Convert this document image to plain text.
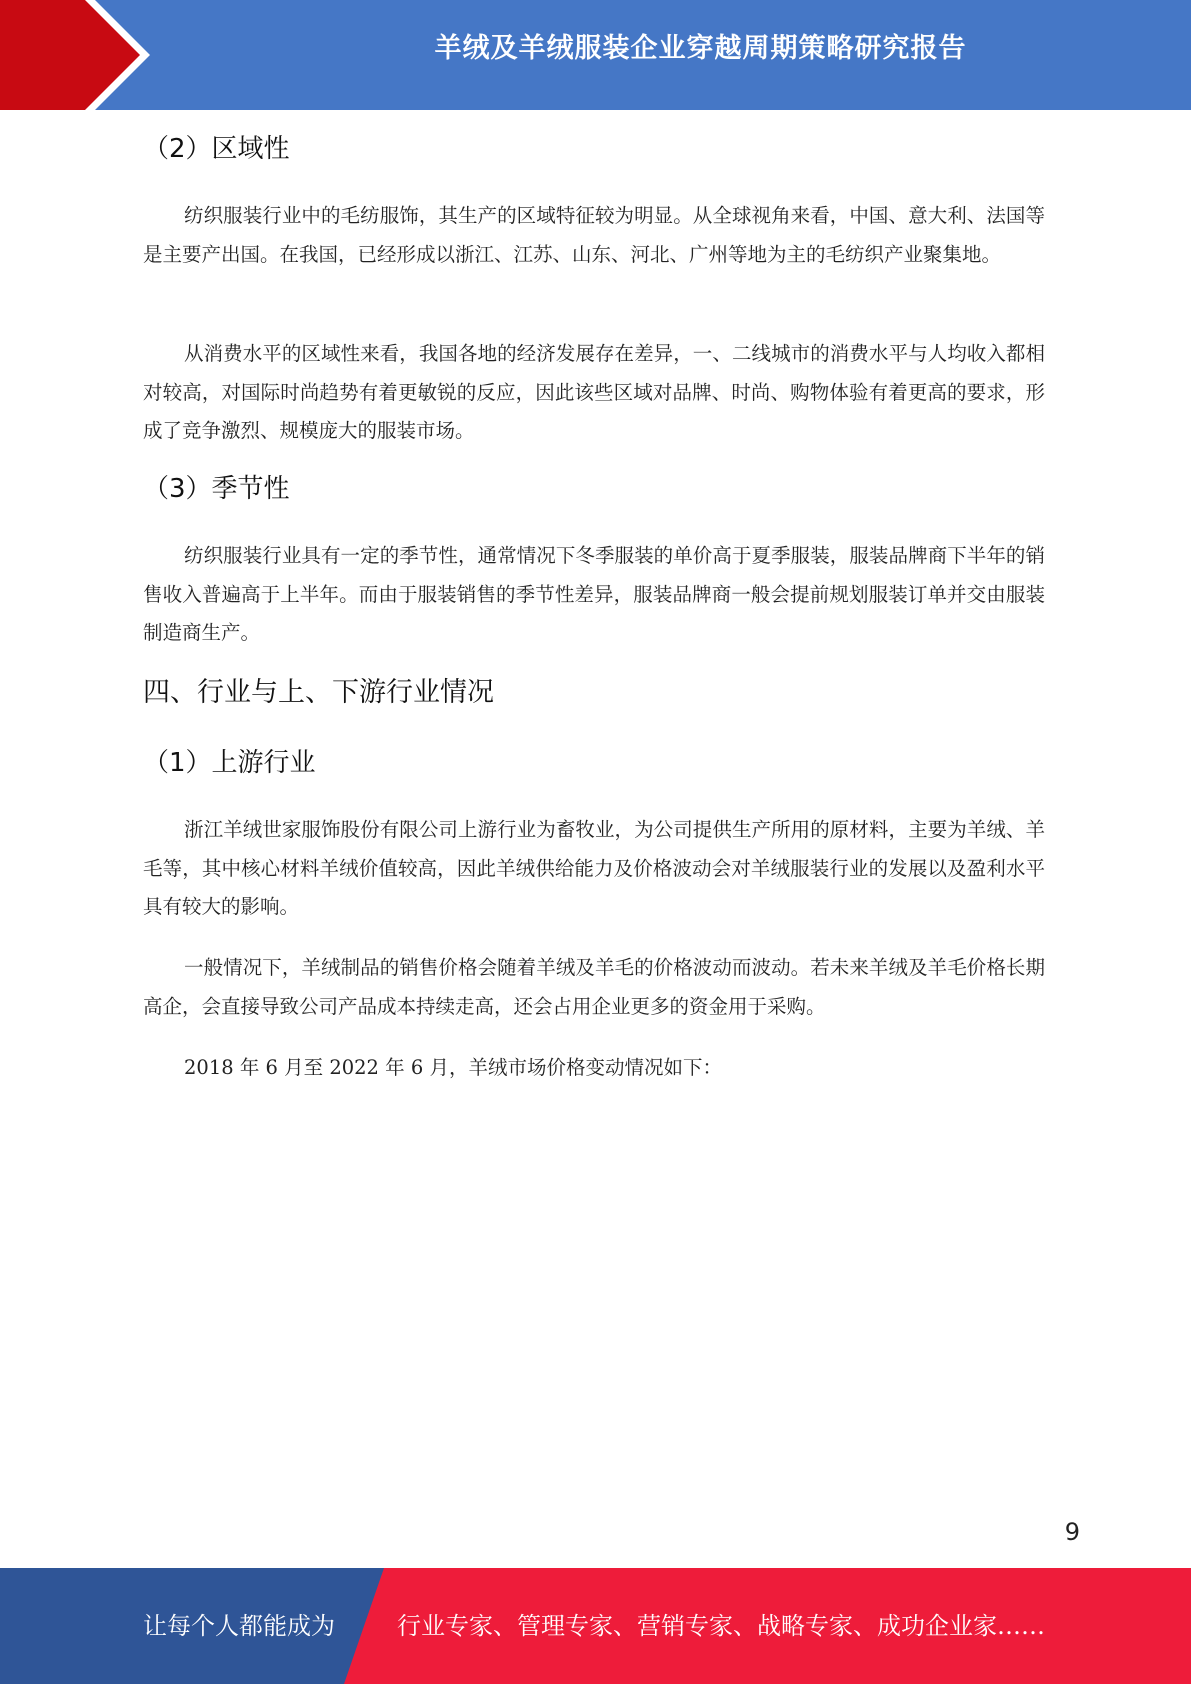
羊绒及羊绒服装企业穿越周期策略研究报告
（2）区域性
纺织服装行业中的毛纺服饰，其生产的区域特征较为明显。从全球视角来看，中国、意大利、法国等是主要产出国。在我国，已经形成以浙江、江苏、山东、河北、广州等地为主的毛纺织产业聚集地。
从消费水平的区域性来看，我国各地的经济发展存在差异，一、二线城市的消费水平与人均收入都相对较高，对国际时尚趋势有着更敏锐的反应，因此该些区域对品牌、时尚、购物体验有着更高的要求，形成了竞争激烈、规模庞大的服装市场。
（3）季节性
纺织服装行业具有一定的季节性，通常情况下冬季服装的单价高于夏季服装，服装品牌商下半年的销售收入普遍高于上半年。而由于服装销售的季节性差异，服装品牌商一般会提前规划服装订单并交由服装制造商生产。
四、行业与上、下游行业情况
（1）上游行业
浙江羊绒世家服饰股份有限公司上游行业为畜牧业，为公司提供生产所用的原材料，主要为羊绒、羊毛等，其中核心材料羊绒价值较高，因此羊绒供给能力及价格波动会对羊绒服装行业的发展以及盈利水平具有较大的影响。
一般情况下，羊绒制品的销售价格会随着羊绒及羊毛的价格波动而波动。若未来羊绒及羊毛价格长期高企，会直接导致公司产品成本持续走高，还会占用企业更多的资金用于采购。
2018 年 6 月至 2022 年 6 月，羊绒市场价格变动情况如下：
9
让每个人都能成为	行业专家、管理专家、营销专家、战略专家、成功企业家……
